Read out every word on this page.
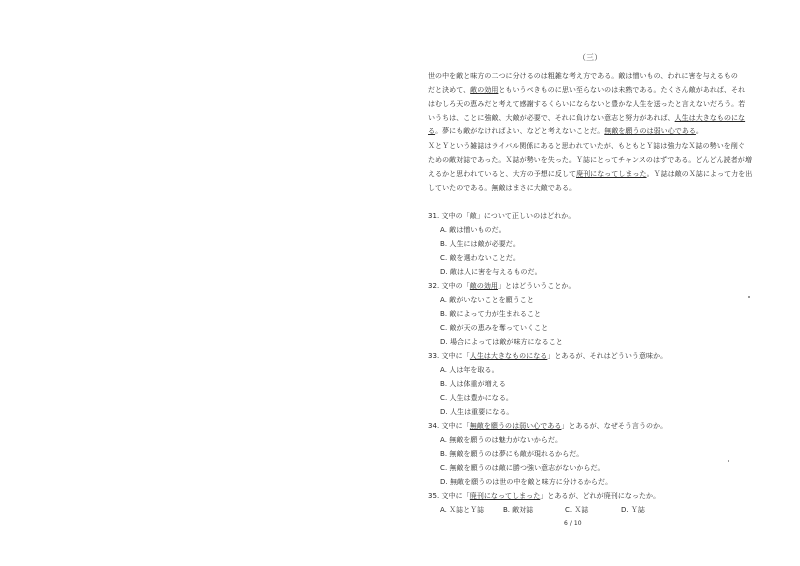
（三）
世の中を敵と味方の二つに分けるのは粗雑な考え方である。敵は憎いもの、われに害を与えるもの
だと決めて、敵の効用ともいうべきものに思い至らないのは未熟である。たくさん敵があれば、それ
はむしろ天の恵みだと考えて感謝するくらいにならないと豊かな人生を送ったと言えないだろう。若
いうちは、ことに強敵、大敵が必要で、それに負けない意志と努力があれば、人生は大きなものにな
る。夢にも敵がなければよい、などと考えないことだ。無敵を願うのは弱い心である。
ＸとＹという雑誌はライバル関係にあると思われていたが、もともとＹ誌は強力なＸ誌の勢いを削ぐ
ための敵対誌であった。Ｘ誌が勢いを失った。Ｙ誌にとってチャンスのはずである。どんどん読者が増
えるかと思われていると、大方の予想に反して廃刊になってしまった。Ｙ誌は敵のＸ誌によって力を出
していたのである。無敵はまさに大敵である。
31. 文中の「敵」について正しいのはどれか。
A. 敵は憎いものだ。
B. 人生には敵が必要だ。
C. 敵を選わないことだ。
D. 敵は人に害を与えるものだ。
32. 文中の「敵の効用」とはどういうことか。
A. 敵がいないことを願うこと
B. 敵によって力が生まれること
C. 敵が天の恵みを奪っていくこと
D. 場合によっては敵が味方になること
33. 文中に「人生は大きなものになる」とあるが、それはどういう意味か。
A. 人は年を取る。
B. 人は体重が増える
C. 人生は豊かになる。
D. 人生は重要になる。
34. 文中に「無敵を願うのは弱い心である」とあるが、なぜそう言うのか。
A. 無敵を願うのは魅力がないからだ。
B. 無敵を願うのは夢にも敵が現れるからだ。
C. 無敵を願うのは敵に勝つ強い意志がないからだ。
D. 無敵を願うのは世の中を敵と味方に分けるからだ。
35. 文中に「廃刊になってしまった」とあるが、どれが廃刊になったか。
A. Ｘ誌とＹ誌	B. 敵対誌	C. Ｘ誌	D. Ｙ誌
6 / 10
